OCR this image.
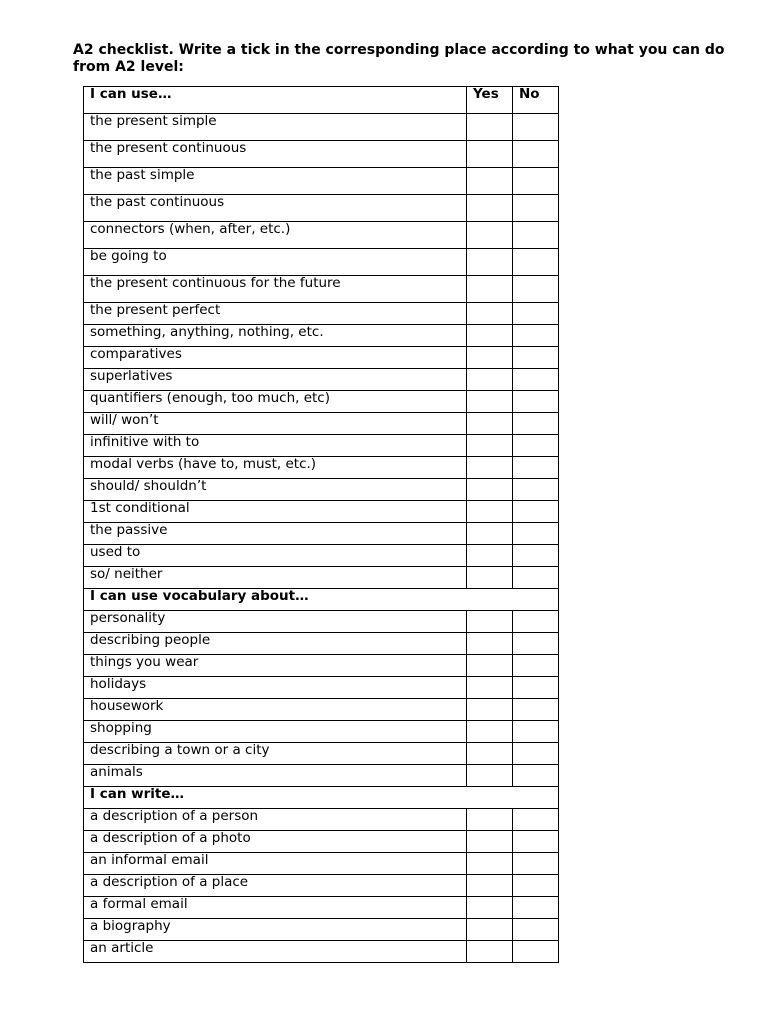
A2 checklist. Write a tick in the corresponding place according to what you can do from A2 level:

I can use…	Yes	No
the present simple		
the present continuous		
the past simple		
the past continuous		
connectors (when, after, etc.)		
be going to		
the present continuous for the future		
the present perfect		
something, anything, nothing, etc.		
comparatives		
superlatives		
quantifiers (enough, too much, etc)		
will/ won’t		
infinitive with to		
modal verbs (have to, must, etc.)		
should/ shouldn’t		
1st conditional		
the passive		
used to		
so/ neither		
I can use vocabulary about…		
personality		
describing people		
things you wear		
holidays		
housework		
shopping		
describing a town or a city		
animals		
I can write…		
a description of a person		
a description of a photo		
an informal email		
a description of a place		
a formal email		
a biography		
an article		
